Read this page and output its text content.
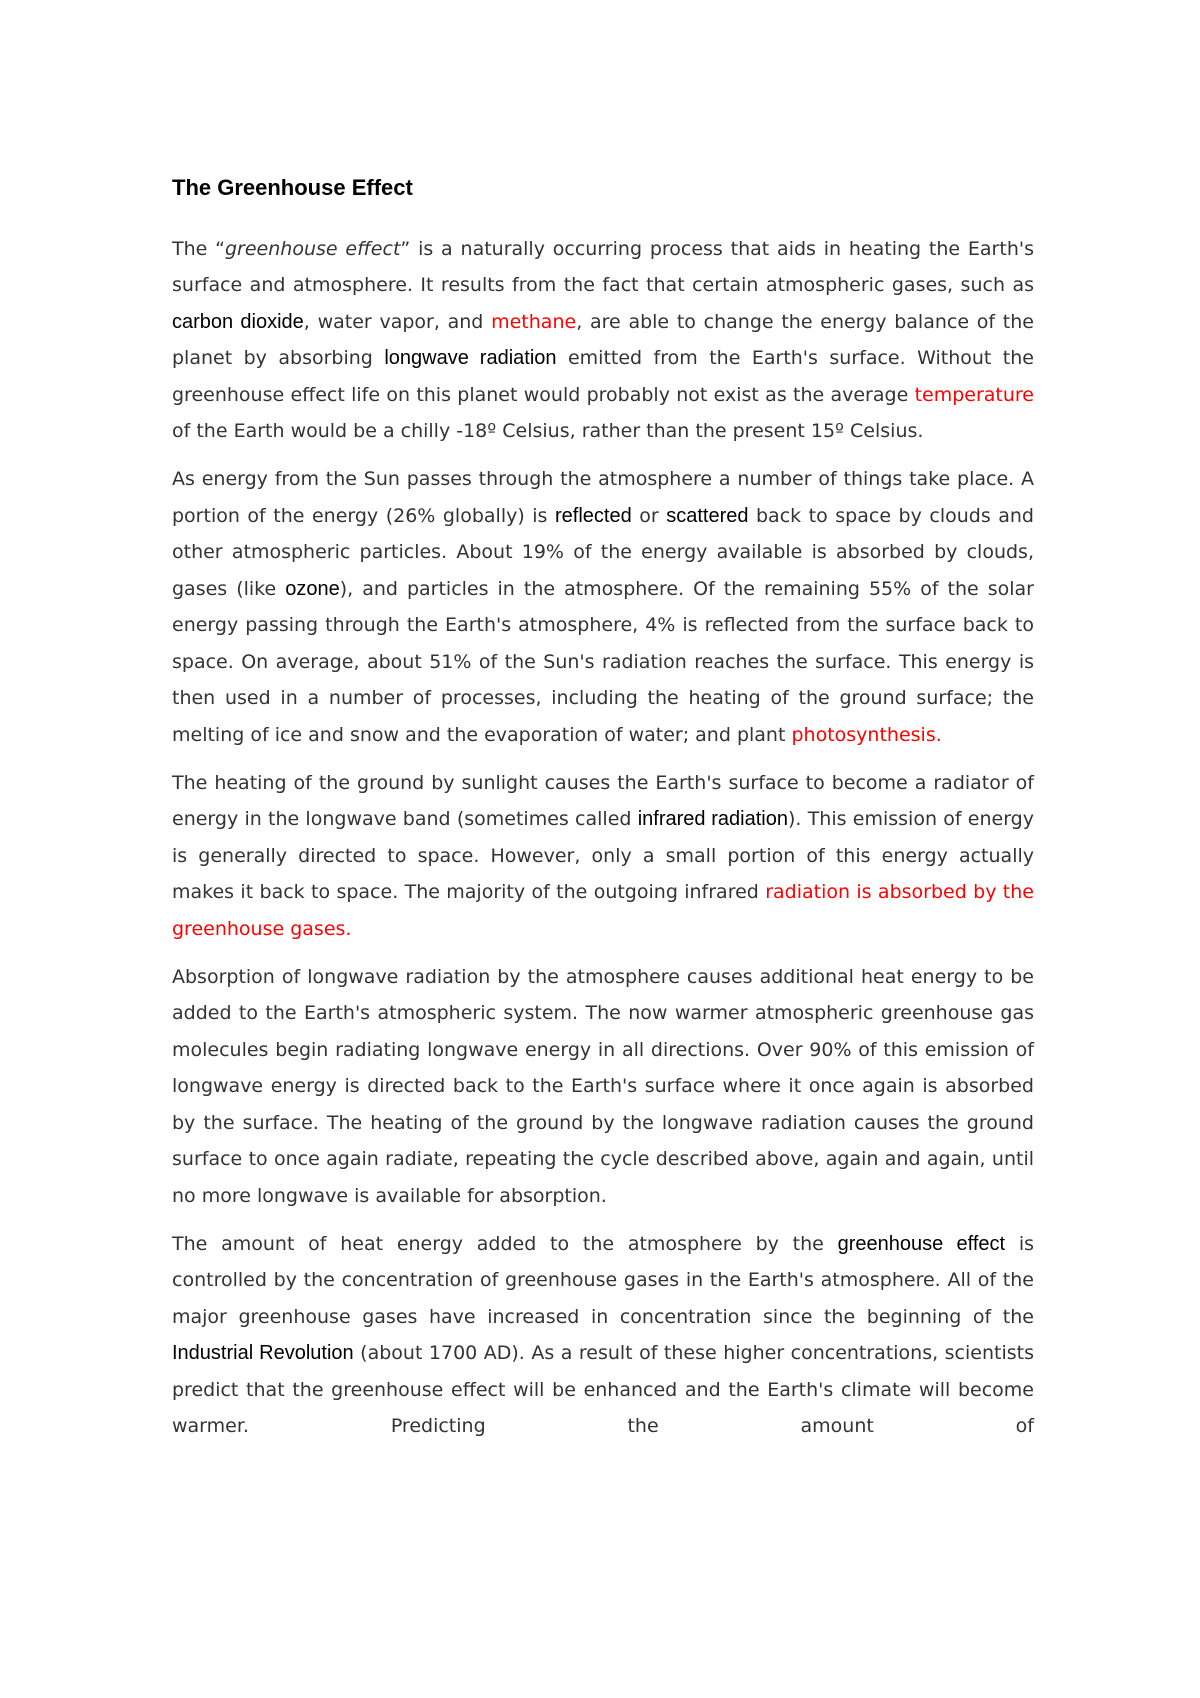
The Greenhouse Effect

The “greenhouse effect” is a naturally occurring process that aids in heating the Earth's surface and atmosphere. It results from the fact that certain atmospheric gases, such as carbon dioxide, water vapor, and methane, are able to change the energy balance of the planet by absorbing longwave radiation emitted from the Earth's surface. Without the greenhouse effect life on this planet would probably not exist as the average temperature of the Earth would be a chilly -18º Celsius, rather than the present 15º Celsius.

As energy from the Sun passes through the atmosphere a number of things take place. A portion of the energy (26% globally) is reflected or scattered back to space by clouds and other atmospheric particles. About 19% of the energy available is absorbed by clouds, gases (like ozone), and particles in the atmosphere. Of the remaining 55% of the solar energy passing through the Earth's atmosphere, 4% is reflected from the surface back to space. On average, about 51% of the Sun's radiation reaches the surface. This energy is then used in a number of processes, including the heating of the ground surface; the melting of ice and snow and the evaporation of water; and plant photosynthesis.

The heating of the ground by sunlight causes the Earth's surface to become a radiator of energy in the longwave band (sometimes called infrared radiation). This emission of energy is generally directed to space. However, only a small portion of this energy actually makes it back to space. The majority of the outgoing infrared radiation is absorbed by the greenhouse gases.

Absorption of longwave radiation by the atmosphere causes additional heat energy to be added to the Earth's atmospheric system. The now warmer atmospheric greenhouse gas molecules begin radiating longwave energy in all directions. Over 90% of this emission of longwave energy is directed back to the Earth's surface where it once again is absorbed by the surface. The heating of the ground by the longwave radiation causes the ground surface to once again radiate, repeating the cycle described above, again and again, until no more longwave is available for absorption.

The amount of heat energy added to the atmosphere by the greenhouse effect is controlled by the concentration of greenhouse gases in the Earth's atmosphere. All of the major greenhouse gases have increased in concentration since the beginning of the Industrial Revolution (about 1700 AD). As a result of these higher concentrations, scientists predict that the greenhouse effect will be enhanced and the Earth's climate will become warmer. Predicting the amount of
